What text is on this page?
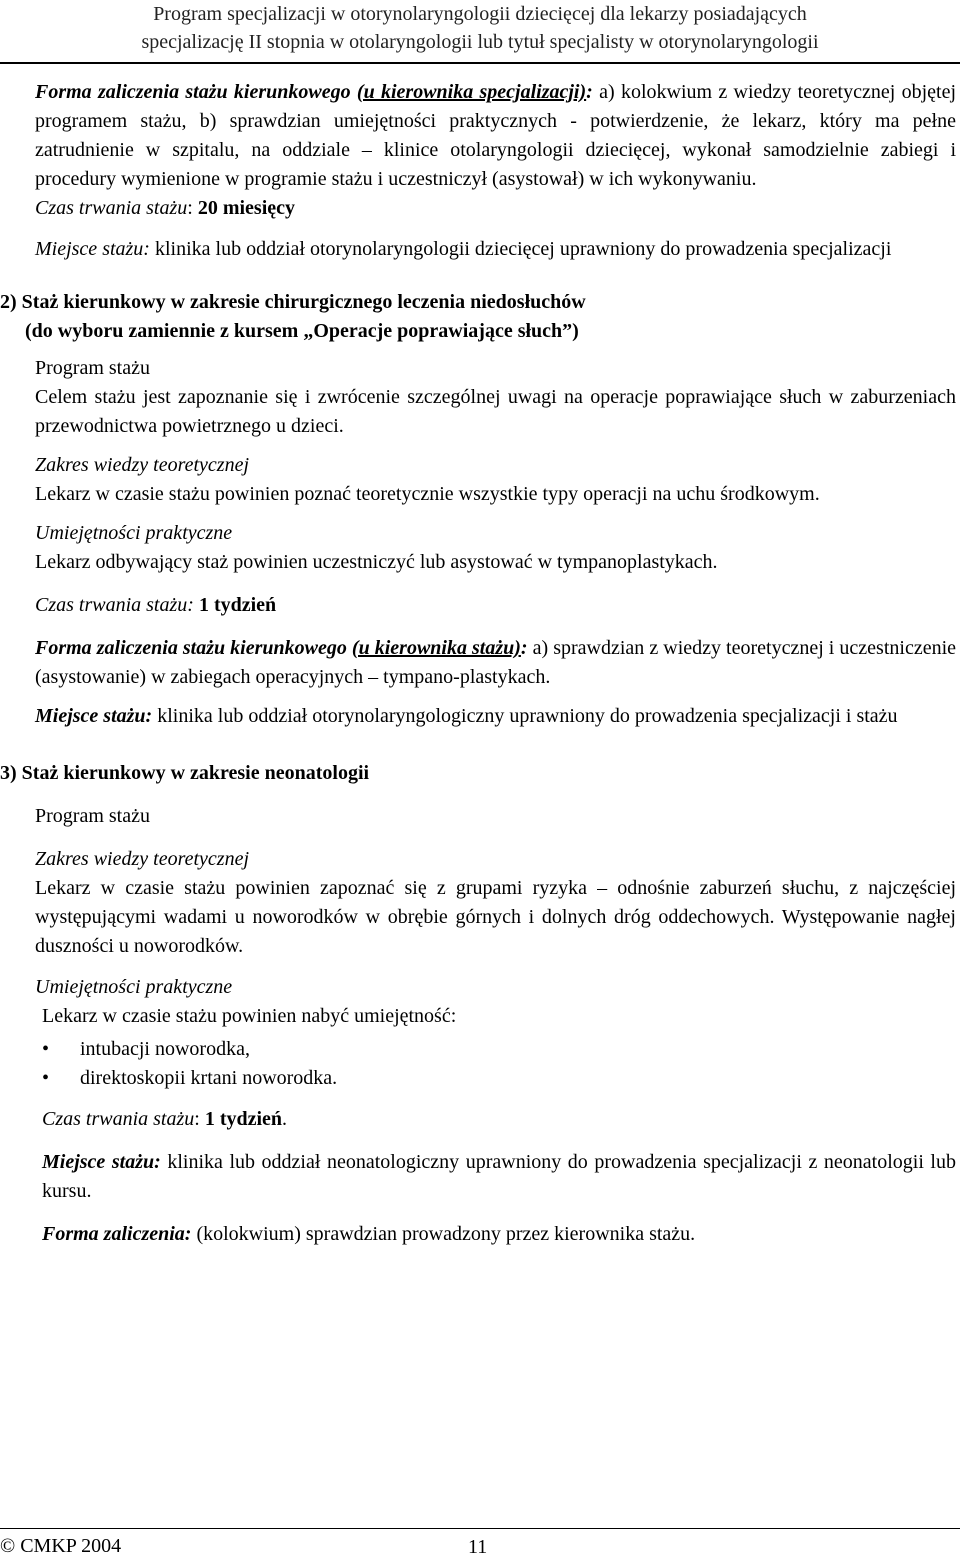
Program specjalizacji w otorynolaryngologii dziecięcej dla lekarzy posiadających
specjalizację II stopnia w otolaryngologii lub tytuł specjalisty w otorynolaryngologii

Forma zaliczenia stażu kierunkowego (u kierownika specjalizacji): a) kolokwium z wiedzy teoretycznej objętej programem stażu, b) sprawdzian umiejętności praktycznych - potwierdzenie, że lekarz, który ma pełne zatrudnienie w szpitalu, na oddziale – klinice otolaryngologii dziecięcej, wykonał samodzielnie zabiegi i procedury wymienione w programie stażu i uczestniczył (asystował) w ich wykonywaniu.

Czas trwania stażu: 20 miesięcy

Miejsce stażu: klinika lub oddział otorynolaryngologii dziecięcej uprawniony do prowadzenia specjalizacji

2) Staż kierunkowy w zakresie chirurgicznego leczenia niedosłuchów
(do wyboru zamiennie z kursem „Operacje poprawiające słuch”)

Program stażu

Celem stażu jest zapoznanie się i zwrócenie szczególnej uwagi na operacje poprawiające słuch w zaburzeniach przewodnictwa powietrznego u dzieci.

Zakres wiedzy teoretycznej

Lekarz w czasie stażu powinien poznać teoretycznie wszystkie typy operacji na uchu środkowym.

Umiejętności praktyczne

Lekarz odbywający staż powinien uczestniczyć lub asystować w tympanoplastykach.

Czas trwania stażu: 1 tydzień

Forma zaliczenia stażu kierunkowego (u kierownika stażu): a) sprawdzian z wiedzy teoretycznej i uczestniczenie (asystowanie) w zabiegach operacyjnych – tympano-plastykach.

Miejsce stażu: klinika lub oddział otorynolaryngologiczny uprawniony do prowadzenia specjalizacji i stażu

3) Staż kierunkowy w zakresie neonatologii

Program stażu

Zakres wiedzy teoretycznej

Lekarz w czasie stażu powinien zapoznać się z grupami ryzyka – odnośnie zaburzeń słuchu, z najczęściej występującymi wadami u noworodków w obrębie górnych i dolnych dróg oddechowych. Występowanie nagłej duszności u noworodków.

Umiejętności praktyczne

Lekarz w czasie stażu powinien nabyć umiejętność:

• intubacji noworodka,
• direktoskopii krtani noworodka.

Czas trwania stażu: 1 tydzień.

Miejsce stażu: klinika lub oddział neonatologiczny uprawniony do prowadzenia specjalizacji z neonatologii lub kursu.

Forma zaliczenia: (kolokwium) sprawdzian prowadzony przez kierownika stażu.

© CMKP 2004	11
